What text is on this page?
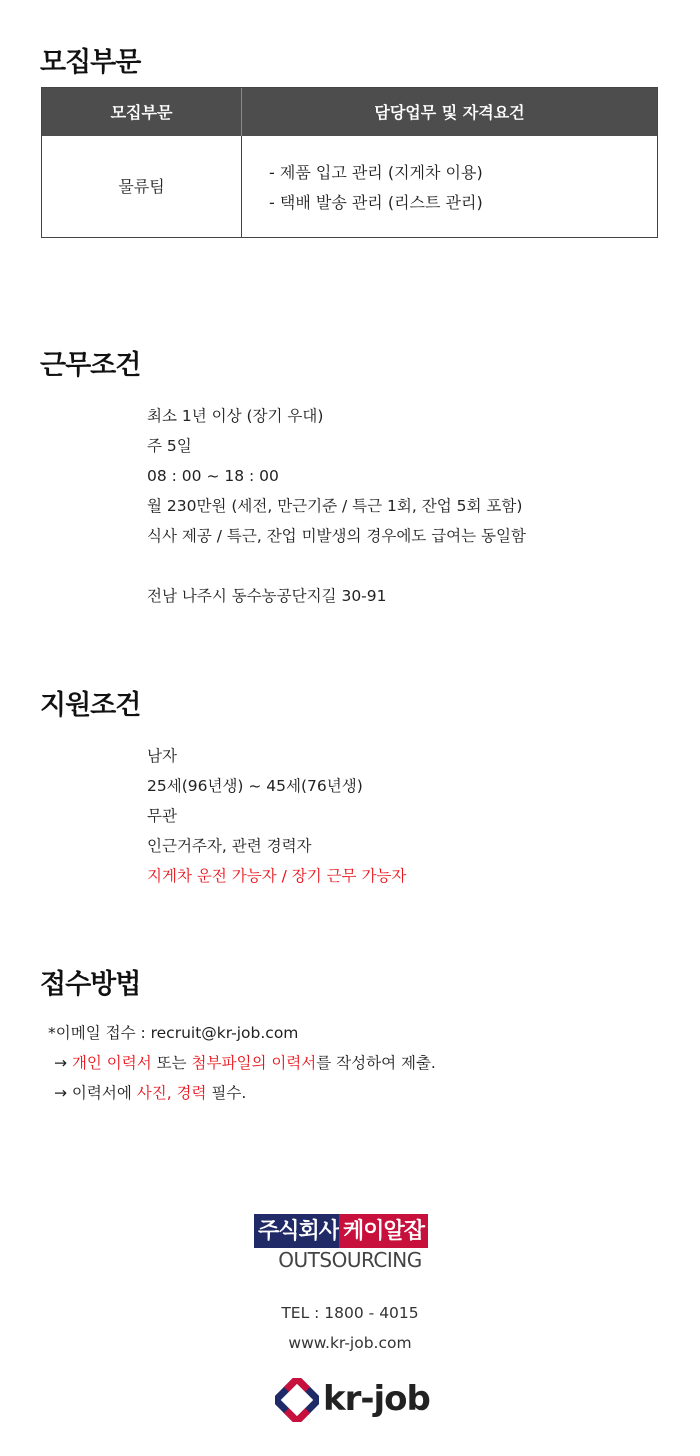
모집부문
모집부문	담당업무 및 자격요건
물류팀
- 제품 입고 관리 (지게차 이용)
- 택배 발송 관리 (리스트 관리)
근무조건
최소 1년 이상 (장기 우대)
주 5일
08 : 00 ~ 18 : 00
월 230만원 (세전, 만근기준 / 특근 1회, 잔업 5회 포함)
식사 제공 / 특근, 잔업 미발생의 경우에도 급여는 동일함
전남 나주시 동수농공단지길 30-91
지원조건
남자
25세(96년생) ~ 45세(76년생)
무관
인근거주자, 관련 경력자
지게차 운전 가능자 / 장기 근무 가능자
접수방법
*이메일 접수 : recruit@kr-job.com
→ 개인 이력서 또는 첨부파일의 이력서를 작성하여 제출.
→ 이력서에 사진, 경력 필수.
주식회사 케이알잡
OUTSOURCING
TEL : 1800 - 4015
www.kr-job.com
kr-job
